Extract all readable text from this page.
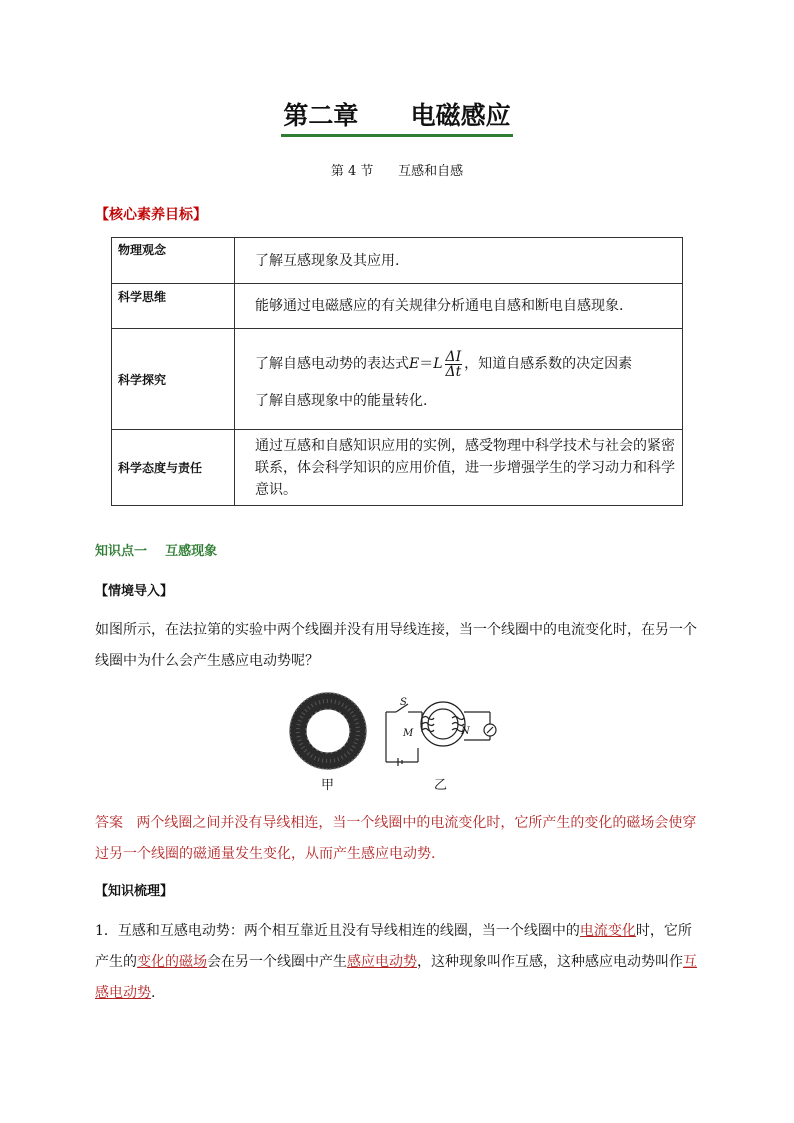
第二章      电磁感应
第 4 节      互感和自感
【核心素养目标】
物理观念	了解互感现象及其应用.
科学思维	能够通过电磁感应的有关规律分析通电自感和断电自感现象.
科学探究	了解自感电动势的表达式$E=L \frac{\Delta I}{\Delta t}$ ，知道自感系数的决定因素
了解自感现象中的能量转化.

科学态度与责任	通过互感和自感知识应用的实例，感受物理中科学技术与社会的紧密联系，体会科学知识的应用价值，进一步增强学生的学习动力和科学意识。
知识点一    互感现象
【情境导入】
如图所示，在法拉第的实验中两个线圈并没有用导线连接，当一个线圈中的电流变化时，在另一个线圈中为什么会产生感应电动势呢？
S
M	N
甲	乙
答案 两个线圈之间并没有导线相连，当一个线圈中的电流变化时，它所产生的变化的磁场会使穿过另一个线圈的磁通量发生变化，从而产生感应电动势.
【知识梳理】
1．互感和互感电动势：两个相互靠近且没有导线相连的线圈，当一个线圈中的电流变化时，它所产生的变化的磁场会在另一个线圈中产生感应电动势，这种现象叫作互感，这种感应电动势叫作互感电动势.
